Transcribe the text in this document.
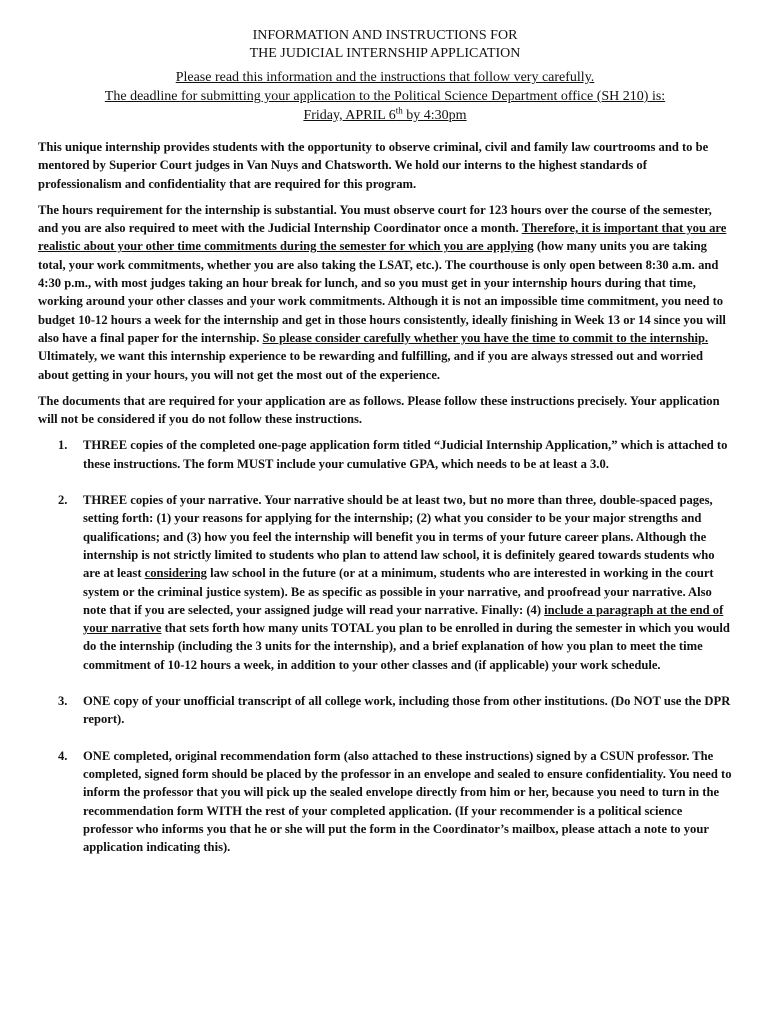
INFORMATION AND INSTRUCTIONS FOR

THE JUDICIAL INTERNSHIP APPLICATION

Please read this information and the instructions that follow very carefully.

The deadline for submitting your application to the Political Science Department office (SH 210) is:

Friday, APRIL 6th by 4:30pm

This unique internship provides students with the opportunity to observe criminal, civil and family law courtrooms and to be mentored by Superior Court judges in Van Nuys and Chatsworth. We hold our interns to the highest standards of professionalism and confidentiality that are required for this program.

The hours requirement for the internship is substantial. You must observe court for 123 hours over the course of the semester, and you are also required to meet with the Judicial Internship Coordinator once a month. Therefore, it is important that you are realistic about your other time commitments during the semester for which you are applying (how many units you are taking total, your work commitments, whether you are also taking the LSAT, etc.). The courthouse is only open between 8:30 a.m. and 4:30 p.m., with most judges taking an hour break for lunch, and so you must get in your internship hours during that time, working around your other classes and your work commitments. Although it is not an impossible time commitment, you need to budget 10-12 hours a week for the internship and get in those hours consistently, ideally finishing in Week 13 or 14 since you will also have a final paper for the internship. So please consider carefully whether you have the time to commit to the internship. Ultimately, we want this internship experience to be rewarding and fulfilling, and if you are always stressed out and worried about getting in your hours, you will not get the most out of the experience.

The documents that are required for your application are as follows. Please follow these instructions precisely. Your application will not be considered if you do not follow these instructions.

1. THREE copies of the completed one-page application form titled “Judicial Internship Application,” which is attached to these instructions. The form MUST include your cumulative GPA, which needs to be at least a 3.0.
2. THREE copies of your narrative. Your narrative should be at least two, but no more than three, double-spaced pages, setting forth: (1) your reasons for applying for the internship; (2) what you consider to be your major strengths and qualifications; and (3) how you feel the internship will benefit you in terms of your future career plans. Although the internship is not strictly limited to students who plan to attend law school, it is definitely geared towards students who are at least considering law school in the future (or at a minimum, students who are interested in working in the court system or the criminal justice system). Be as specific as possible in your narrative, and proofread your narrative. Also note that if you are selected, your assigned judge will read your narrative. Finally: (4) include a paragraph at the end of your narrative that sets forth how many units TOTAL you plan to be enrolled in during the semester in which you would do the internship (including the 3 units for the internship), and a brief explanation of how you plan to meet the time commitment of 10-12 hours a week, in addition to your other classes and (if applicable) your work schedule.
3. ONE copy of your unofficial transcript of all college work, including those from other institutions. (Do NOT use the DPR report).
4. ONE completed, original recommendation form (also attached to these instructions) signed by a CSUN professor. The completed, signed form should be placed by the professor in an envelope and sealed to ensure confidentiality. You need to inform the professor that you will pick up the sealed envelope directly from him or her, because you need to turn in the recommendation form WITH the rest of your completed application. (If your recommender is a political science professor who informs you that he or she will put the form in the Coordinator’s mailbox, please attach a note to your application indicating this).
